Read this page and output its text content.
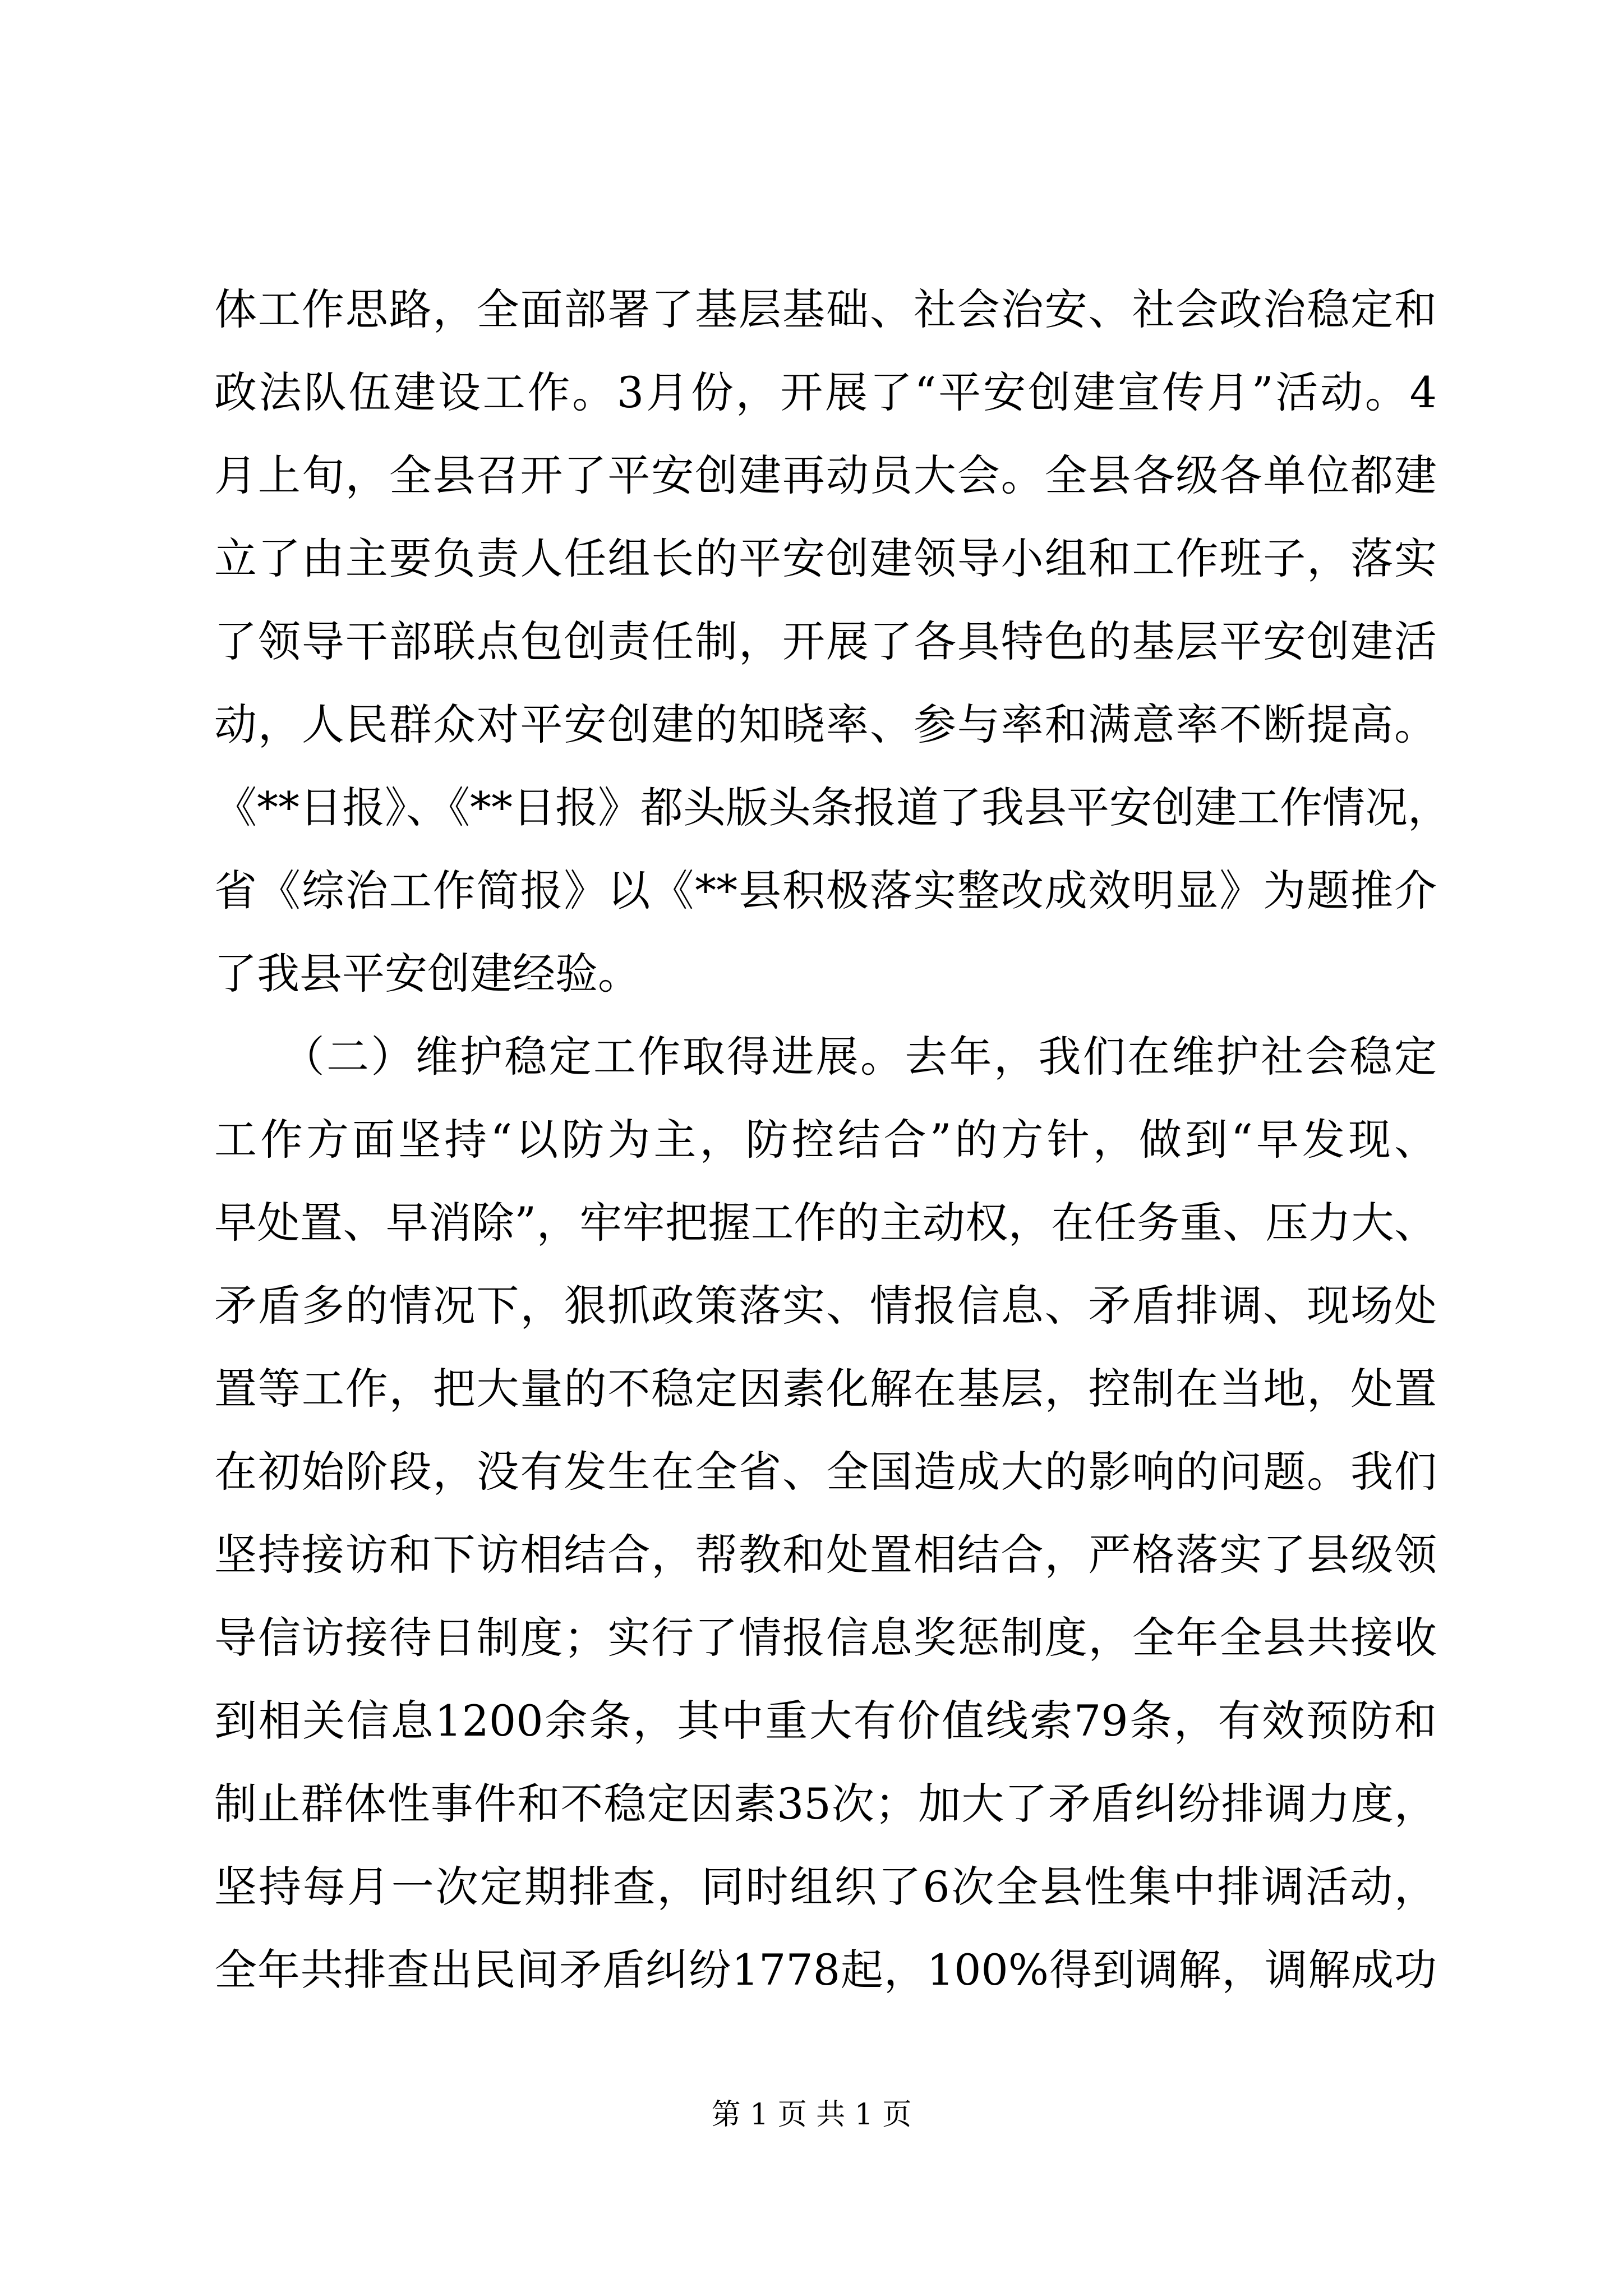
体工作思路，全面部署了基层基础、社会治安、社会政治稳定和
政法队伍建设工作。3月份，开展了“平安创建宣传月”活动。4
月上旬，全县召开了平安创建再动员大会。全县各级各单位都建
立了由主要负责人任组长的平安创建领导小组和工作班子，落实
了领导干部联点包创责任制，开展了各具特色的基层平安创建活
动，人民群众对平安创建的知晓率、参与率和满意率不断提高。
《**日报》、《**日报》都头版头条报道了我县平安创建工作情况，
省《综治工作简报》以《**县积极落实整改成效明显》为题推介
了我县平安创建经验。
　　（二）维护稳定工作取得进展。去年，我们在维护社会稳定
工作方面坚持“以防为主，防控结合”的方针，做到“早发现、
早处置、早消除”，牢牢把握工作的主动权，在任务重、压力大、
矛盾多的情况下，狠抓政策落实、情报信息、矛盾排调、现场处
置等工作，把大量的不稳定因素化解在基层，控制在当地，处置
在初始阶段，没有发生在全省、全国造成大的影响的问题。我们
坚持接访和下访相结合，帮教和处置相结合，严格落实了县级领
导信访接待日制度；实行了情报信息奖惩制度，全年全县共接收
到相关信息1200余条，其中重大有价值线索79条，有效预防和
制止群体性事件和不稳定因素35次；加大了矛盾纠纷排调力度，
坚持每月一次定期排查，同时组织了6次全县性集中排调活动，
全年共排查出民间矛盾纠纷1778起，100%得到调解，调解成功
第 1 页 共 1 页
